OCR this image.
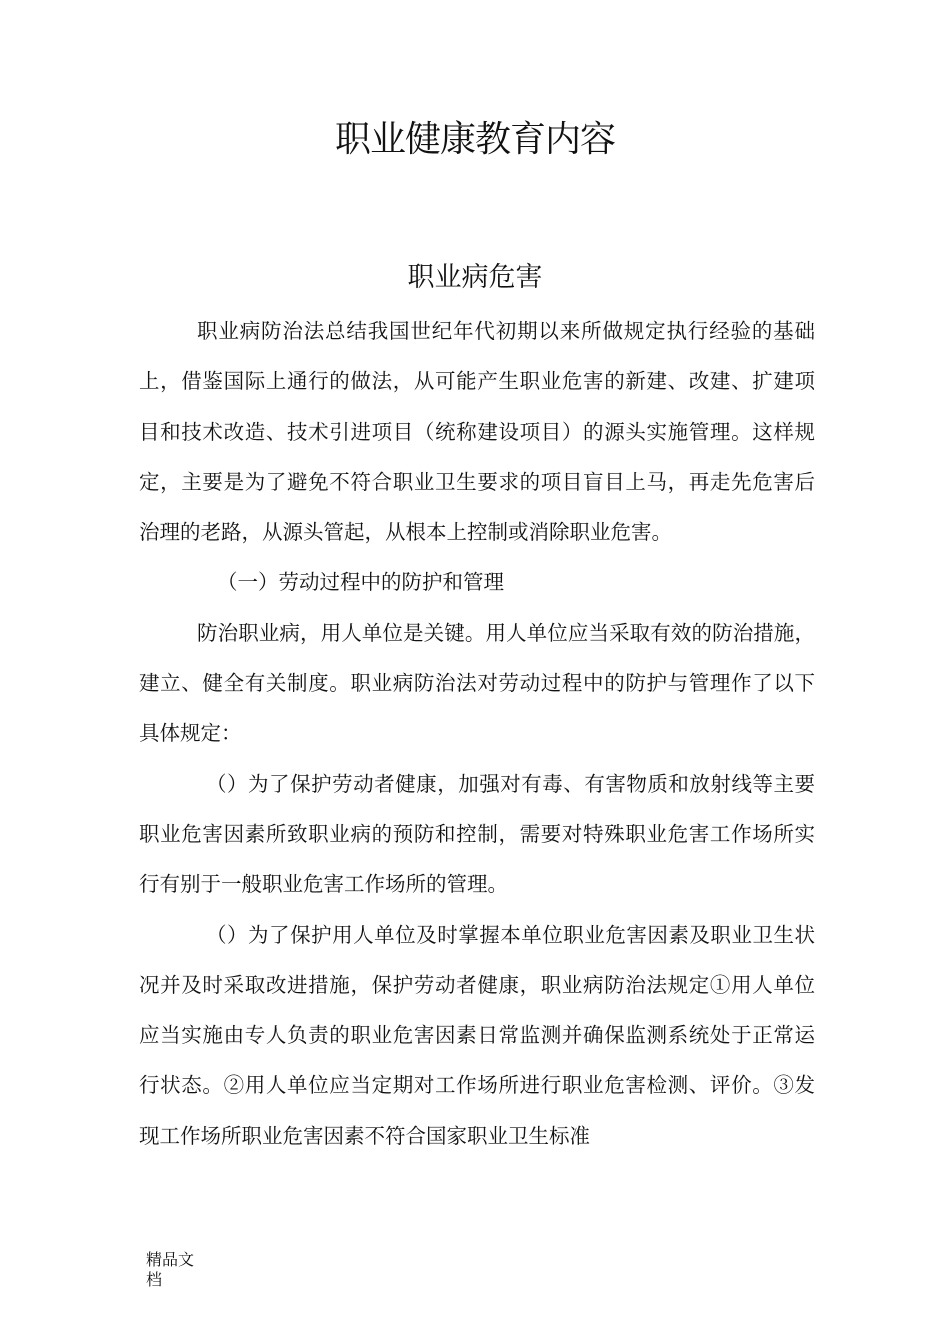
职业健康教育内容
职业病危害

职业病防治法总结我国世纪年代初期以来所做规定执行经验的基础上，借鉴国际上通行的做法，从可能产生职业危害的新建、改建、扩建项目和技术改造、技术引进项目（统称建设项目）的源头实施管理。这样规定，主要是为了避免不符合职业卫生要求的项目盲目上马，再走先危害后治理的老路，从源头管起，从根本上控制或消除职业危害。

（一）劳动过程中的防护和管理

防治职业病，用人单位是关键。用人单位应当采取有效的防治措施，建立、健全有关制度。职业病防治法对劳动过程中的防护与管理作了以下具体规定：

（）为了保护劳动者健康，加强对有毒、有害物质和放射线等主要职业危害因素所致职业病的预防和控制，需要对特殊职业危害工作场所实行有别于一般职业危害工作场所的管理。

（）为了保护用人单位及时掌握本单位职业危害因素及职业卫生状况并及时采取改进措施，保护劳动者健康，职业病防治法规定①用人单位应当实施由专人负责的职业危害因素日常监测并确保监测系统处于正常运行状态。②用人单位应当定期对工作场所进行职业危害检测、评价。③发现工作场所职业危害因素不符合国家职业卫生标准

精品文档
